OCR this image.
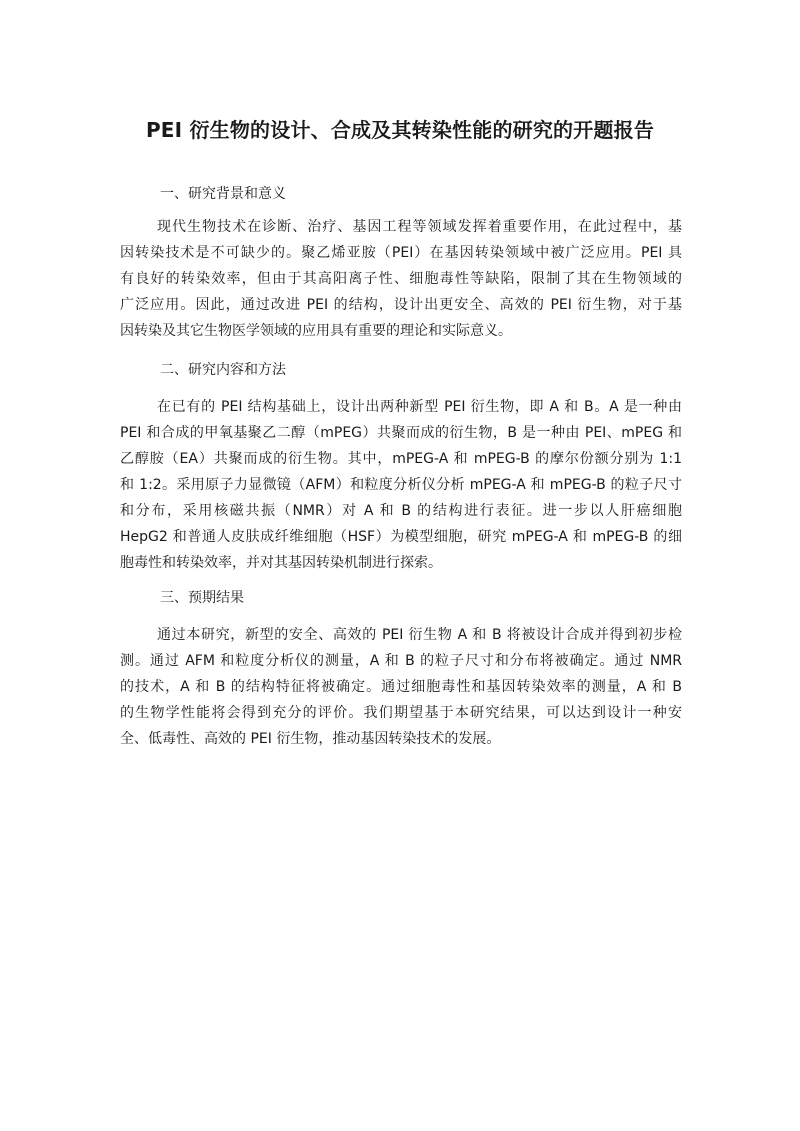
PEI 衍生物的设计、合成及其转染性能的研究的开题报告
一、研究背景和意义
现代生物技术在诊断、治疗、基因工程等领域发挥着重要作用，在此过程中，基
因转染技术是不可缺少的。聚乙烯亚胺（PEI）在基因转染领域中被广泛应用。PEI 具
有良好的转染效率，但由于其高阳离子性、细胞毒性等缺陷，限制了其在生物领域的
广泛应用。因此，通过改进 PEI 的结构，设计出更安全、高效的 PEI 衍生物，对于基
因转染及其它生物医学领域的应用具有重要的理论和实际意义。
二、研究内容和方法
在已有的 PEI 结构基础上，设计出两种新型 PEI 衍生物，即 A 和 B。A 是一种由
PEI 和合成的甲氧基聚乙二醇（mPEG）共聚而成的衍生物，B 是一种由 PEI、mPEG 和
乙醇胺（EA）共聚而成的衍生物。其中，mPEG-A 和 mPEG-B 的摩尔份额分别为 1:1
和 1:2。采用原子力显微镜（AFM）和粒度分析仪分析 mPEG-A 和 mPEG-B 的粒子尺寸
和分布，采用核磁共振（NMR）对 A 和 B 的结构进行表征。进一步以人肝癌细胞
HepG2 和普通人皮肤成纤维细胞（HSF）为模型细胞，研究 mPEG-A 和 mPEG-B 的细
胞毒性和转染效率，并对其基因转染机制进行探索。
三、预期结果
通过本研究，新型的安全、高效的 PEI 衍生物 A 和 B 将被设计合成并得到初步检
测。通过 AFM 和粒度分析仪的测量，A 和 B 的粒子尺寸和分布将被确定。通过 NMR
的技术，A 和 B 的结构特征将被确定。通过细胞毒性和基因转染效率的测量，A 和 B
的生物学性能将会得到充分的评价。我们期望基于本研究结果，可以达到设计一种安
全、低毒性、高效的 PEI 衍生物，推动基因转染技术的发展。
